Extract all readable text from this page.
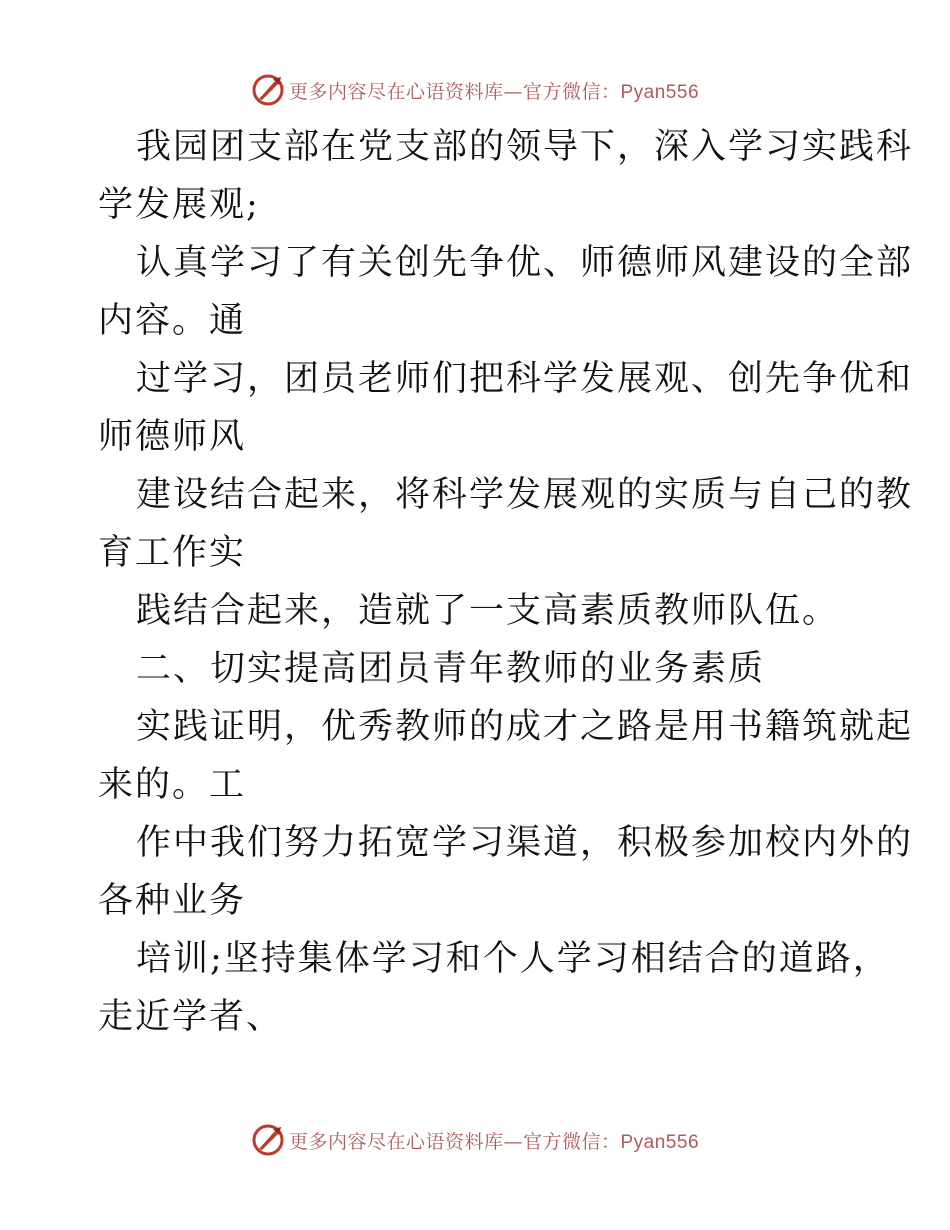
更多内容尽在心语资料库—官方微信：Pyan556
我园团支部在党支部的领导下，深入学习实践科
学发展观;
认真学习了有关创先争优、师德师风建设的全部
内容。通
过学习，团员老师们把科学发展观、创先争优和
师德师风
建设结合起来，将科学发展观的实质与自己的教
育工作实
践结合起来，造就了一支高素质教师队伍。
二、切实提高团员青年教师的业务素质
实践证明，优秀教师的成才之路是用书籍筑就起
来的。工
作中我们努力拓宽学习渠道，积极参加校内外的
各种业务
培训;坚持集体学习和个人学习相结合的道路，
走近学者、
更多内容尽在心语资料库—官方微信：Pyan556
